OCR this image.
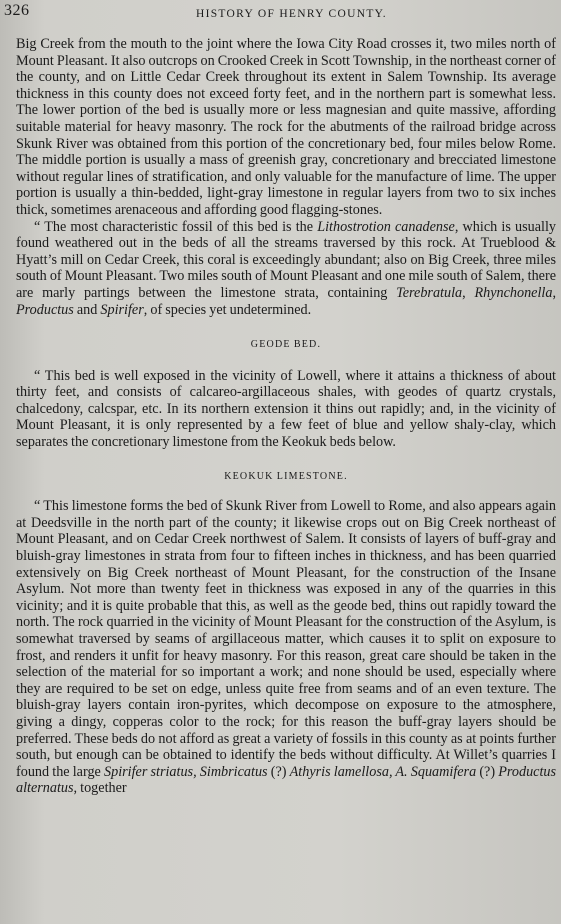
326	HISTORY OF HENRY COUNTY.

Big Creek from the mouth to the joint where the Iowa City Road crosses it, two miles north of Mount Pleasant. It also outcrops on Crooked Creek in Scott Township, in the northeast corner of the county, and on Little Cedar Creek throughout its extent in Salem Township. Its average thickness in this county does not exceed forty feet, and in the northern part is somewhat less. The lower portion of the bed is usually more or less magnesian and quite massive, affording suitable material for heavy masonry. The rock for the abutments of the railroad bridge across Skunk River was obtained from this portion of the concretionary bed, four miles below Rome. The middle portion is usually a mass of greenish gray, concretionary and brecciated limestone without regular lines of stratification, and only valuable for the manufacture of lime. The upper portion is usually a thin-bedded, light-gray limestone in regular layers from two to six inches thick, sometimes arenaceous and affording good flagging-stones.

“ The most characteristic fossil of this bed is the Lithostrotion canadense, which is usually found weathered out in the beds of all the streams traversed by this rock. At Trueblood & Hyatt’s mill on Cedar Creek, this coral is exceedingly abundant; also on Big Creek, three miles south of Mount Pleasant. Two miles south of Mount Pleasant and one mile south of Salem, there are marly partings between the limestone strata, containing Terebratula, Rhynchonella, Productus and Spirifer, of species yet undetermined.

GEODE BED.

“ This bed is well exposed in the vicinity of Lowell, where it attains a thickness of about thirty feet, and consists of calcareo-argillaceous shales, with geodes of quartz crystals, chalcedony, calcspar, etc. In its northern extension it thins out rapidly; and, in the vicinity of Mount Pleasant, it is only represented by a few feet of blue and yellow shaly-clay, which separates the concretionary limestone from the Keokuk beds below.

KEOKUK LIMESTONE.

“ This limestone forms the bed of Skunk River from Lowell to Rome, and also appears again at Deedsville in the north part of the county; it likewise crops out on Big Creek northeast of Mount Pleasant, and on Cedar Creek northwest of Salem. It consists of layers of buff-gray and bluish-gray limestones in strata from four to fifteen inches in thickness, and has been quarried extensively on Big Creek northeast of Mount Pleasant, for the construction of the Insane Asylum. Not more than twenty feet in thickness was exposed in any of the quarries in this vicinity; and it is quite probable that this, as well as the geode bed, thins out rapidly toward the north. The rock quarried in the vicinity of Mount Pleasant for the construction of the Asylum, is somewhat traversed by seams of argillaceous matter, which causes it to split on exposure to frost, and renders it unfit for heavy masonry. For this reason, great care should be taken in the selection of the material for so important a work; and none should be used, especially where they are required to be set on edge, unless quite free from seams and of an even texture. The bluish-gray layers contain iron-pyrites, which decompose on exposure to the atmosphere, giving a dingy, copperas color to the rock; for this reason the buff-gray layers should be preferred. These beds do not afford as great a variety of fossils in this county as at points further south, but enough can be obtained to identify the beds without difficulty. At Willet’s quarries I found the large Spirifer striatus, Simbricatus (?) Athyris lamellosa, A. Squamifera (?) Productus alternatus, together
